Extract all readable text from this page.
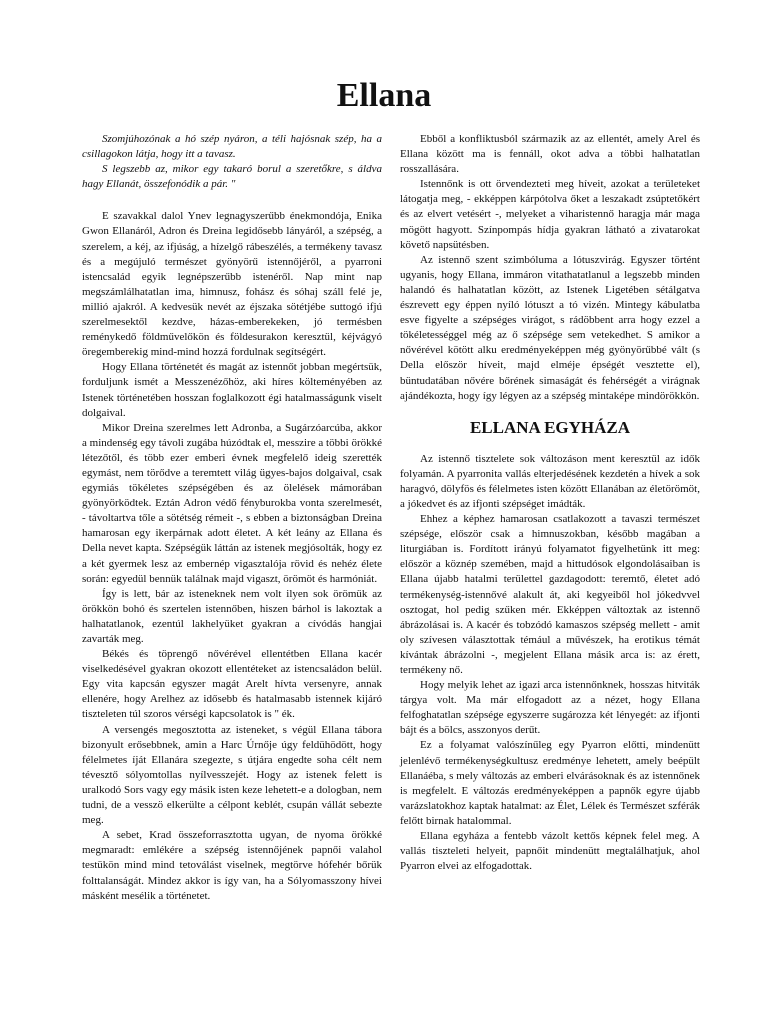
Ellana

Szomjúhozónak a hó szép nyáron, a téli hajósnak szép, ha a csillagokon látja, hogy itt a tavasz.

S legszebb az, mikor egy takaró borul a szeretőkre, s áldva hagy Ellanát, összefonódik a pár. "

E szavakkal dalol Ynev legnagyszerűbb énekmondója, Enika Gwon Ellanáról, Adron és Dreina legidősebb lányáról, a szépség, a szerelem, a kéj, az ifjúság, a hízelgő rábeszélés, a termékeny tavasz és a megújuló természet gyönyörű istennőjéről, a pyarroni istencsalád egyik legnépszerűbb istenéről. Nap mint nap megszámlálhatatlan ima, himnusz, fohász és sóhaj száll felé je, millió ajakról. A kedvesük nevét az éjszaka sötétjébe suttogó ifjú szerelmesektől kezdve, házas-emberekeken, jó termésben reménykedő földművelőkön és földesurakon keresztül, kéjvágyó öregemberekig mind-mind hozzá fordulnak segítségért.

Hogy Ellana történetét és magát az istennőt jobban megértsük, forduljunk ismét a Messzenézőhöz, aki híres költeményében az Istenek történetében hosszan foglalkozott égi hatalmasságunk viselt dolgaival.

Mikor Dreina szerelmes lett Adronba, a Sugárzóarcúba, akkor a mindenség egy távoli zugába húzódtak el, messzire a többi örökké létezőtől, és több ezer emberi évnek megfelelő ideig szerették egymást, nem törődve a teremtett világ ügyes-bajos dolgaival, csak egymiás tökéletes szépségében és az ölelések mámorában gyönyörködtek. Eztán Adron védő fényburokba vonta szerelmesét, - távoltartva tőle a sötétség rémeit -, s ebben a biztonságban Dreina hamarosan egy ikerpárnak adott életet. A két leány az Ellana és Della nevet kapta. Szépségük láttán az istenek megjósolták, hogy ez a két gyermek lesz az embernép vigasztalója rövid és nehéz élete során: egyedül bennük találnak majd vigaszt, örömöt és harmóniát.

Így is lett, bár az isteneknek nem volt ilyen sok örömük az örökkön bohó és szertelen istennőben, hiszen bárhol is lakoztak a halhatatlanok, ezentúl lakhelyüket gyakran a cívódás hangjai zavarták meg.

Békés és töprengő nővérével ellentétben Ellana kacér viselkedésével gyakran okozott ellentéteket az istencsaládon belül. Egy vita kapcsán egyszer magát Arelt hívta versenyre, annak ellenére, hogy Arelhez az idősebb és hatalmasabb istennek kijáró tiszteleten túl szoros vérségi kapcsolatok is " ék.

A versengés megosztotta az isteneket, s végül Ellana tábora bizonyult erősebbnek, amin a Harc Úrnője úgy feldühödött, hogy félelmetes íját Ellanára szegezte, s útjára engedte soha célt nem tévesztő sólyomtollas nyílvesszejét. Hogy az istenek felett is uralkodó Sors vagy egy másik isten keze lehetett-e a dologban, nem tudni, de a vesszö elkerülte a célpont keblét, csupán vállát sebezte meg.

A sebet, Krad összeforrasztotta ugyan, de nyoma örökké megmaradt: emlékére a szépség istennőjének papnői valahol testükön mind mind tetoválást viselnek, megtörve hófehér bőrük folttalanságát. Mindez akkor is így van, ha a Sólyomasszony hívei másként mesélik a történetet.

Ebből a konfliktusból származik az az ellentét, amely Arel és Ellana között ma is fennáll, okot adva a többi halhatatlan rosszallására.

Istennőnk is ott örvendezteti meg híveit, azokat a területeket látogatja meg, - ekképpen kárpótolva őket a leszakadt zsúptetőkért és az elvert vetésért -, melyeket a viharistennő haragja már maga mögött hagyott. Színpompás hídja gyakran látható a zivatarokat követő napsütésben.

Az istennő szent szimbóluma a lótuszvirág. Egyszer történt ugyanis, hogy Ellana, immáron vitathatatlanul a legszebb minden halandó és halhatatlan között, az Istenek Ligetében sétálgatva észrevett egy éppen nyíló lótuszt a tó vizén. Mintegy kábulatba esve figyelte a szépséges virágot, s rádöbbent arra hogy ezzel a tökéletességgel még az ő szépsége sem vetekedhet. S amikor a nővérével kötött alku eredményeképpen még gyönyörűbbé vált (s Della először híveit, majd elméje épségét vesztette el), büntudatában nővére bőrének simaságát és fehérségét a virágnak ajándékozta, hogy így légyen az a szépség mintaképe mindörökkön.

ELLANA EGYHÁZA

Az istennő tisztelete sok változáson ment keresztül az idők folyamán. A pyarronita vallás elterjedésének kezdetén a hívek a sok haragvó, dölyfös és félelmetes isten között Ellanában az életörömöt, a jókedvet és az ifjonti szépséget imádták.

Ehhez a képhez hamarosan csatlakozott a tavaszi természet szépsége, először csak a himnuszokban, később magában a liturgiában is. Fordított irányú folyamatot figyelhetünk itt meg: először a köznép szemében, majd a hittudósok elgondolásaiban is Ellana újabb hatalmi területtel gazdagodott: teremtő, életet adó termékenység-istennővé alakult át, aki kegyeiből hol jókedvvel osztogat, hol pedig szűken mér. Ekképpen változtak az istennő ábrázolásai is. A kacér és tobzódó kamaszos szépség mellett - amit oly szívesen választottak témául a művészek, ha erotikus témát kívántak ábrázolni -, megjelent Ellana másik arca is: az érett, termékeny nő.

Hogy melyik lehet az igazi arca istennőnknek, hosszas hitviták tárgya volt. Ma már elfogadott az a nézet, hogy Ellana felfoghatatlan szépsége egyszerre sugározza két lényegét: az ifjonti bájt és a bölcs, asszonyos derűt.

Ez a folyamat valószínűleg egy Pyarron előtti, mindenütt jelenlévő termékenységkultusz eredménye lehetett, amely beépült Ellanáéba, s mely változás az emberi elvárásoknak és az istennőnek is megfelelt. E változás eredményeképpen a papnők egyre újabb varázslatokhoz kaptak hatalmat: az Élet, Lélek és Természet szférák felőtt birnak hatalommal.

Ellana egyháza a fentebb vázolt kettős képnek felel meg. A vallás tiszteleti helyeit, papnőit mindenütt megtalálhatjuk, ahol Pyarron elvei az elfogadottak.
